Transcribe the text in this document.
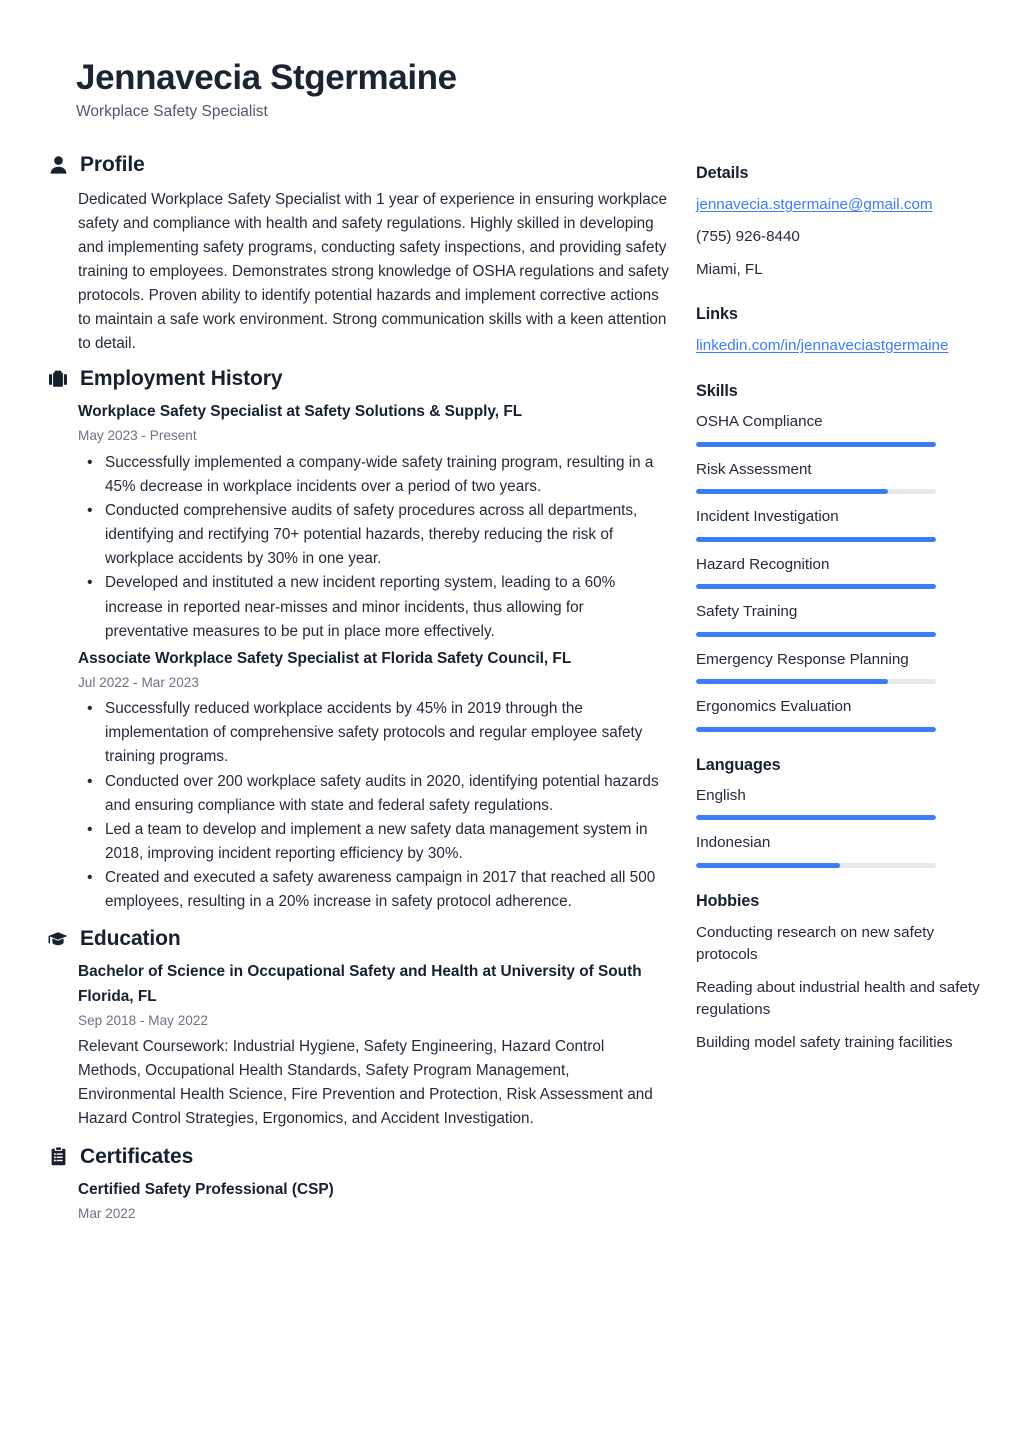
Jennavecia Stgermaine
Workplace Safety Specialist
Profile

Dedicated Workplace Safety Specialist with 1 year of experience in ensuring workplace safety and compliance with health and safety regulations. Highly skilled in developing and implementing safety programs, conducting safety inspections, and providing safety training to employees. Demonstrates strong knowledge of OSHA regulations and safety protocols. Proven ability to identify potential hazards and implement corrective actions to maintain a safe work environment. Strong communication skills with a keen attention to detail.

Employment History
Workplace Safety Specialist at Safety Solutions & Supply, FL
May 2023 - Present
• Successfully implemented a company-wide safety training program, resulting in a 45% decrease in workplace incidents over a period of two years.
• Conducted comprehensive audits of safety procedures across all departments, identifying and rectifying 70+ potential hazards, thereby reducing the risk of workplace accidents by 30% in one year.
• Developed and instituted a new incident reporting system, leading to a 60% increase in reported near-misses and minor incidents, thus allowing for preventative measures to be put in place more effectively.
Associate Workplace Safety Specialist at Florida Safety Council, FL
Jul 2022 - Mar 2023
• Successfully reduced workplace accidents by 45% in 2019 through the implementation of comprehensive safety protocols and regular employee safety training programs.
• Conducted over 200 workplace safety audits in 2020, identifying potential hazards and ensuring compliance with state and federal safety regulations.
• Led a team to develop and implement a new safety data management system in 2018, improving incident reporting efficiency by 30%.
• Created and executed a safety awareness campaign in 2017 that reached all 500 employees, resulting in a 20% increase in safety protocol adherence.
Education
Bachelor of Science in Occupational Safety and Health at University of South Florida, FL
Sep 2018 - May 2022
Relevant Coursework: Industrial Hygiene, Safety Engineering, Hazard Control Methods, Occupational Health Standards, Safety Program Management, Environmental Health Science, Fire Prevention and Protection, Risk Assessment and Hazard Control Strategies, Ergonomics, and Accident Investigation.
Certificates
Certified Safety Professional (CSP)
Mar 2022
Details
jennavecia.stgermaine@gmail.com
(755) 926-8440
Miami, FL
Links
linkedin.com/in/jennaveciastgermaine
Skills
OSHA Compliance
Risk Assessment
Incident Investigation
Hazard Recognition
Safety Training
Emergency Response Planning
Ergonomics Evaluation
Languages
English
Indonesian
Hobbies
Conducting research on new safety protocols
Reading about industrial health and safety regulations
Building model safety training facilities
